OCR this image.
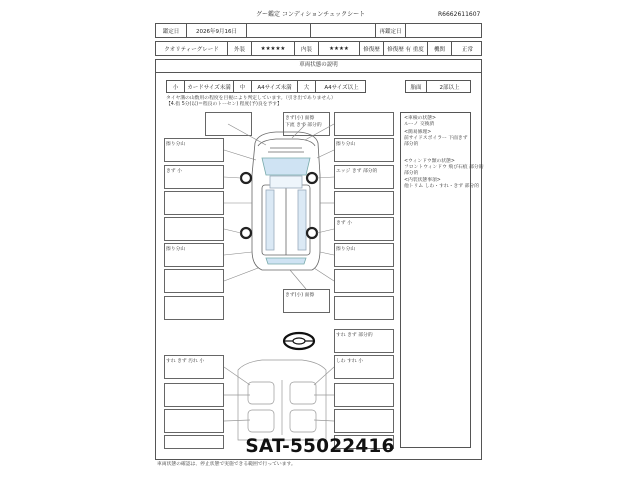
グー鑑定 コンディションチェックシート	R6662611607
鑑定日	2026年9月16日	再鑑定日
クオリティーグレード	外装	★★★★★	内装	★★★★	修復歴	修復歴 有 重度	機関	正常
車両状態の説明
小	カードサイズ未満	中	A4サイズ未満	大	A4サイズ以上	胎面	2部以上
タイヤ溝の山数用の程度を目視により判定しています。（引き出でありません）
【4.指 5分(以)＝程良のトーセン) 程度(予)良を予す】
<車検の状態>
ルーノ 交換済
<簡易修理>
前サイドスポイラー 下面きず
部分的
<ウィンドウ類の状態>
フロントウィンドウ 飛び石痕 部分的
部分的
<内装状態事項>
他トリム しわ・すれ・きず 部分的
擦り分山
きず 小
擦り分山
擦り分山
エッジ きず 部分的
きず 小
擦り分山
きず(小) 面擦
下流 きず 部分的
きず(小) 面擦
すれ きず 部分的
すれ きず 汚れ 小	しわ すれ 小
SAT-55022416
車両状態の確認は、停止状態で実施できる範囲で行っています。
